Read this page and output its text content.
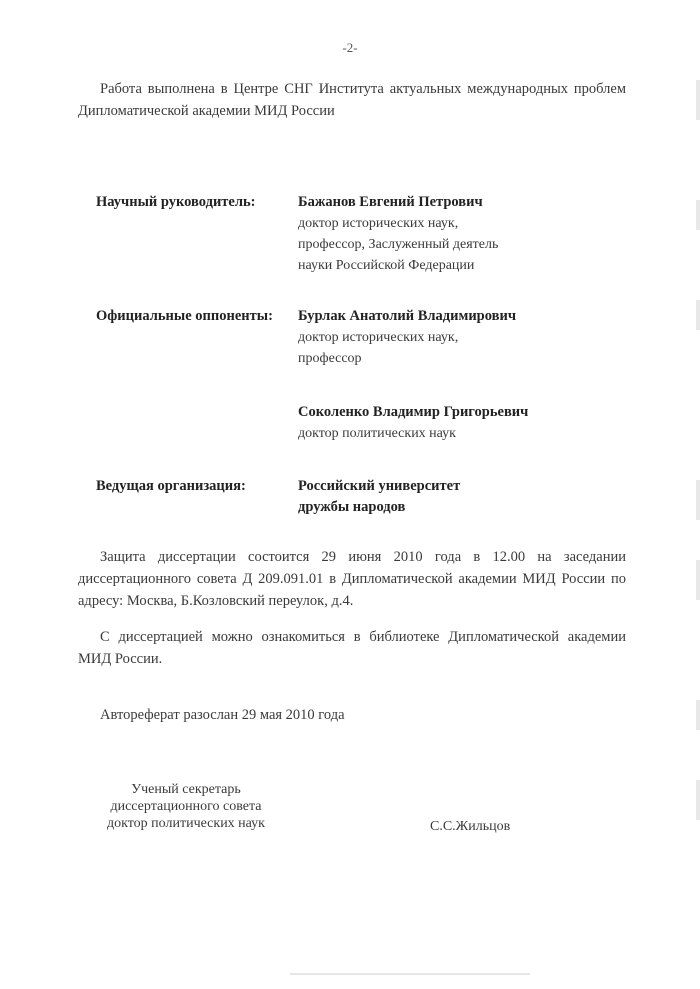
-2-
Работа выполнена в Центре СНГ Института актуальных международных проблем Дипломатической академии МИД России
Научный руководитель:	Бажанов Евгений Петрович
доктор исторических наук,
профессор, Заслуженный деятель
науки Российской Федерации
Официальные оппоненты: Бурлак Анатолий Владимирович
доктор исторических наук,
профессор
Соколенко Владимир Григорьевич
доктор политических наук
Ведущая организация:	Российский университет
дружбы народов
Защита диссертации состоится 29 июня 2010 года в 12.00 на заседании диссертационного совета Д 209.091.01 в Дипломатической академии МИД России по адресу: Москва, Б.Козловский переулок, д.4.
С диссертацией можно ознакомиться в библиотеке Дипломатической академии МИД России.
Автореферат разослан 29 мая 2010 года
Ученый секретарь
диссертационного совета
доктор политических наук	С.С.Жильцов
